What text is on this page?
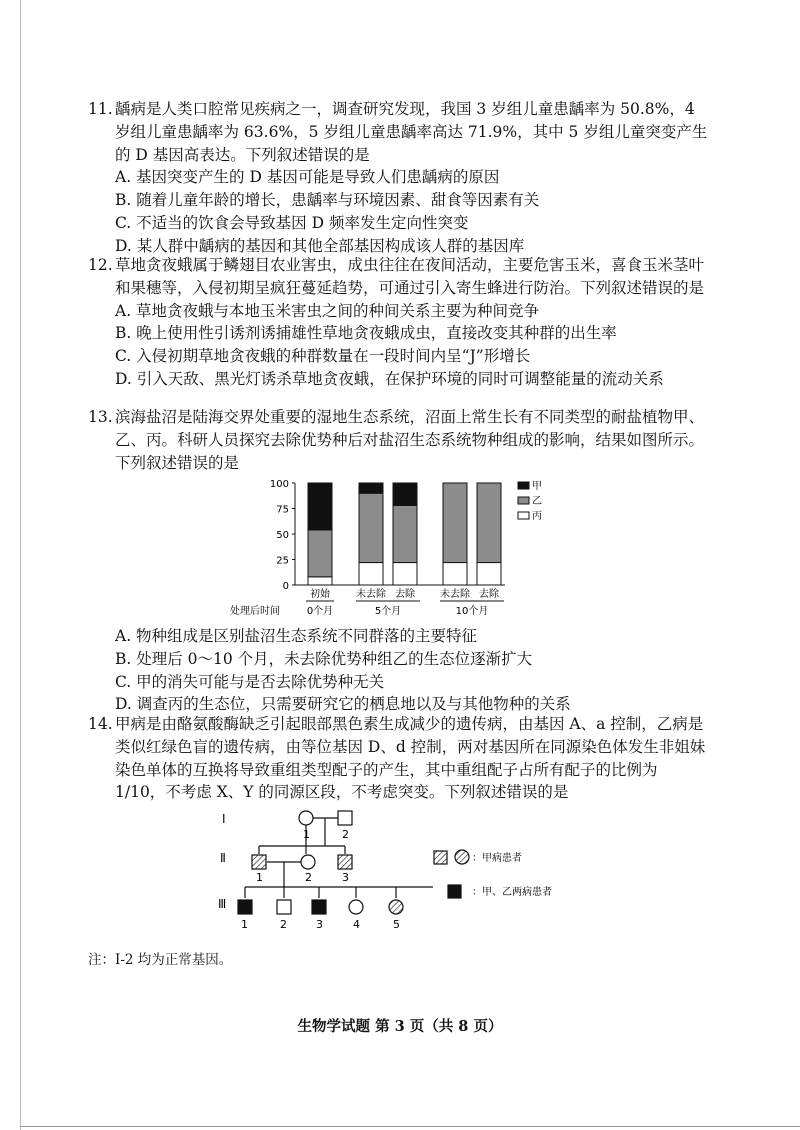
11. 龋病是人类口腔常见疾病之一，调查研究发现，我国 3 岁组儿童患龋率为 50.8%，4 岁组儿童患龋率为 63.6%，5 岁组儿童患龋率高达 71.9%，其中 5 岁组儿童突变产生的 D 基因高表达。下列叙述错误的是
A. 基因突变产生的 D 基因可能是导致人们患龋病的原因
B. 随着儿童年龄的增长，患龋率与环境因素、甜食等因素有关
C. 不适当的饮食会导致基因 D 频率发生定向性突变
D. 某人群中龋病的基因和其他全部基因构成该人群的基因库
12. 草地贪夜蛾属于鳞翅目农业害虫，成虫往往在夜间活动，主要危害玉米，喜食玉米茎叶和果穗等，入侵初期呈疯狂蔓延趋势，可通过引入寄生蜂进行防治。下列叙述错误的是
A. 草地贪夜蛾与本地玉米害虫之间的种间关系主要为种间竞争
B. 晚上使用性引诱剂诱捕雄性草地贪夜蛾成虫，直接改变其种群的出生率
C. 入侵初期草地贪夜蛾的种群数量在一段时间内呈“J”形增长
D. 引入天敌、黑光灯诱杀草地贪夜蛾，在保护环境的同时可调整能量的流动关系
13. 滨海盐沼是陆海交界处重要的湿地生态系统，沼面上常生长有不同类型的耐盐植物甲、乙、丙。科研人员探究去除优势种后对盐沼生态系统物种组成的影响，结果如图所示。下列叙述错误的是
0
25
50
75
100
初始	未去除 去除	未去除 去除
0个月	5个月	10个月
处理后时间
甲
乙
丙
A. 物种组成是区别盐沼生态系统不同群落的主要特征
B. 处理后 0～10 个月，未去除优势种组乙的生态位逐渐扩大
C. 甲的消失可能与是否去除优势种无关
D. 调查丙的生态位，只需要研究它的栖息地以及与其他物种的关系
14. 甲病是由酪氨酸酶缺乏引起眼部黑色素生成减少的遗传病，由基因 A、a 控制，乙病是类似红绿色盲的遗传病，由等位基因 D、d 控制，两对基因所在同源染色体发生非姐妹染色单体的互换将导致重组类型配子的产生，其中重组配子占所有配子的比例为 1/10，不考虑 X、Y 的同源区段，不考虑突变。下列叙述错误的是
Ⅰ
Ⅱ
Ⅲ
1	2
1	2	3
1	2	3	4	5
：甲病患者
：甲、乙两病患者
注：Ⅰ-2 均为正常基因。
生物学试题 第 3 页（共 8 页）
